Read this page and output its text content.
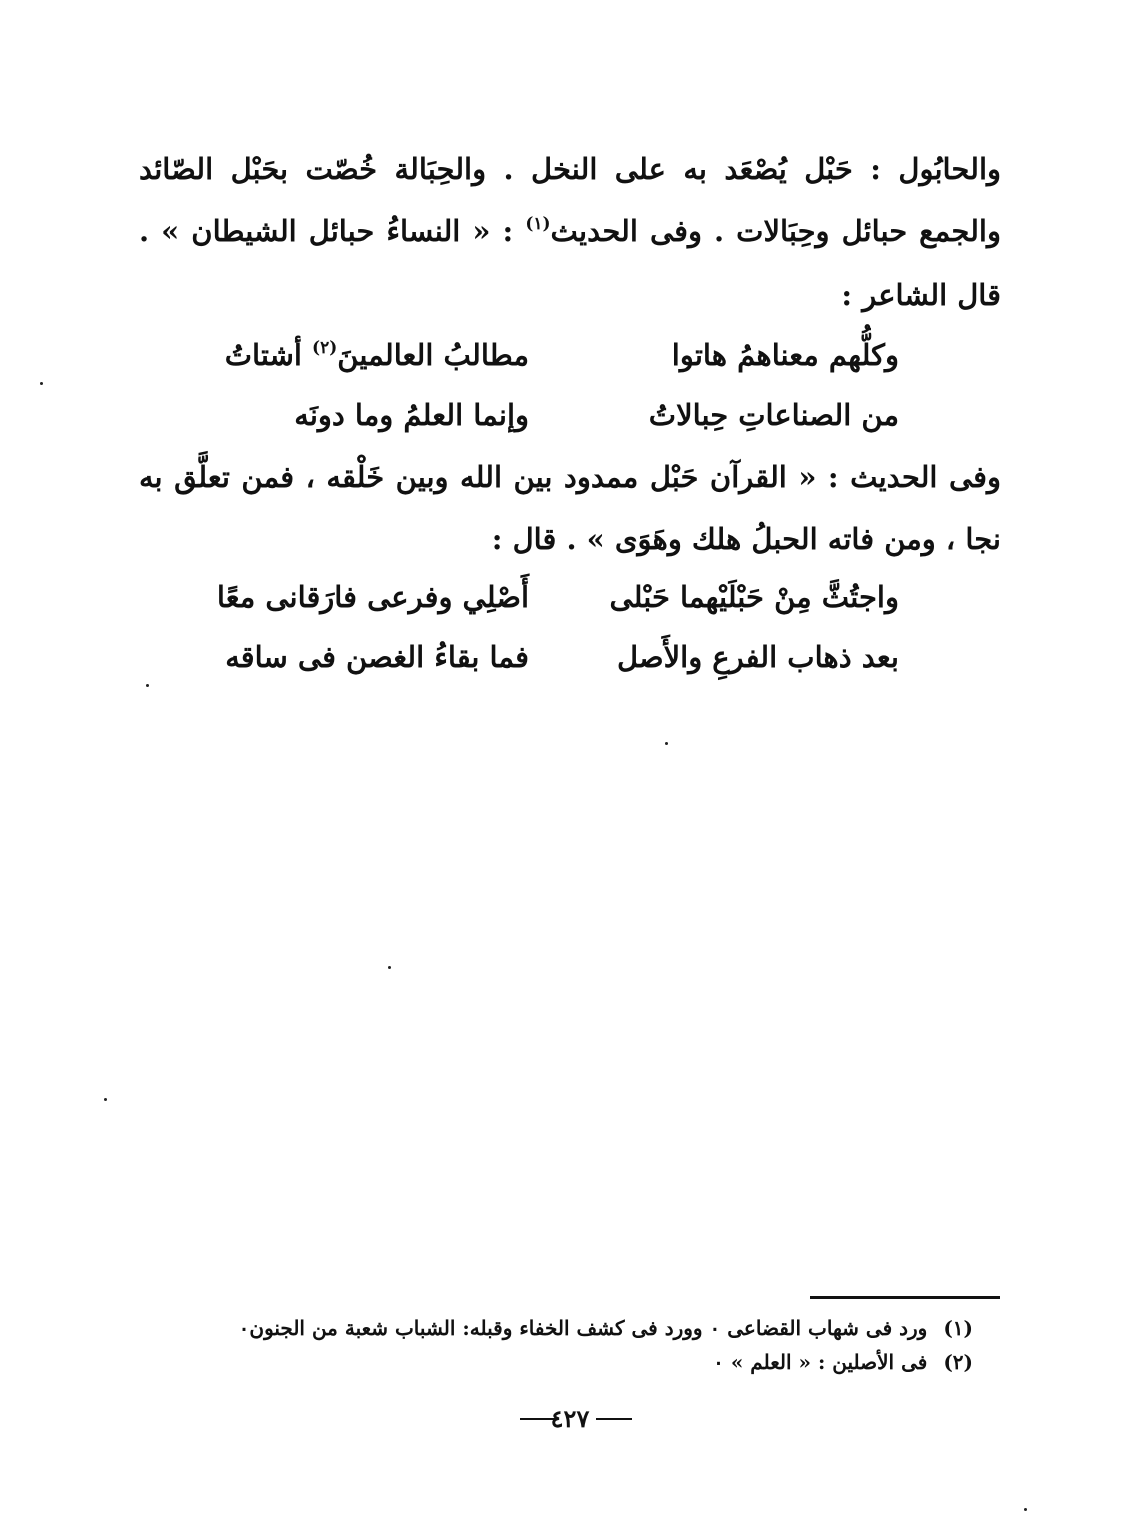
والحابُول : حَبْل يُصْعَد به على النخل . والحِبَالة خُصّت بحَبْل الصّائد
والجمع حبائل وحِبَالات . وفى الحديث$^{(١)}$ : « النساءُ حبائل الشيطان » .
قال الشاعر :
مطالبُ العالمينَ$^{(٢)}$ أشتاتُ	وكلُّهم معناهمُ هاتوا
وإنما العلمُ وما دونَه	من الصناعاتِ حِبالاتُ
وفى الحديث : « القرآن حَبْل ممدود بين الله وبين خَلْقه ، فمن تعلَّق به
نجا ، ومن فاته الحبلُ هلك وهَوَى » . قال :
أَصْلِي وفرعى فارَقانى معًا	واجتُثَّ مِنْ حَبْلَيْهما حَبْلى
فما بقاءُ الغصن فى ساقه	بعد ذهاب الفرعِ والأَصل
(١)ورد فى شهاب القضاعى ٠ وورد فى كشف الخفاء وقبله: الشباب شعبة من الجنون٠
(٢)فى الأصلين : « العلم » ٠
٤٢٧
